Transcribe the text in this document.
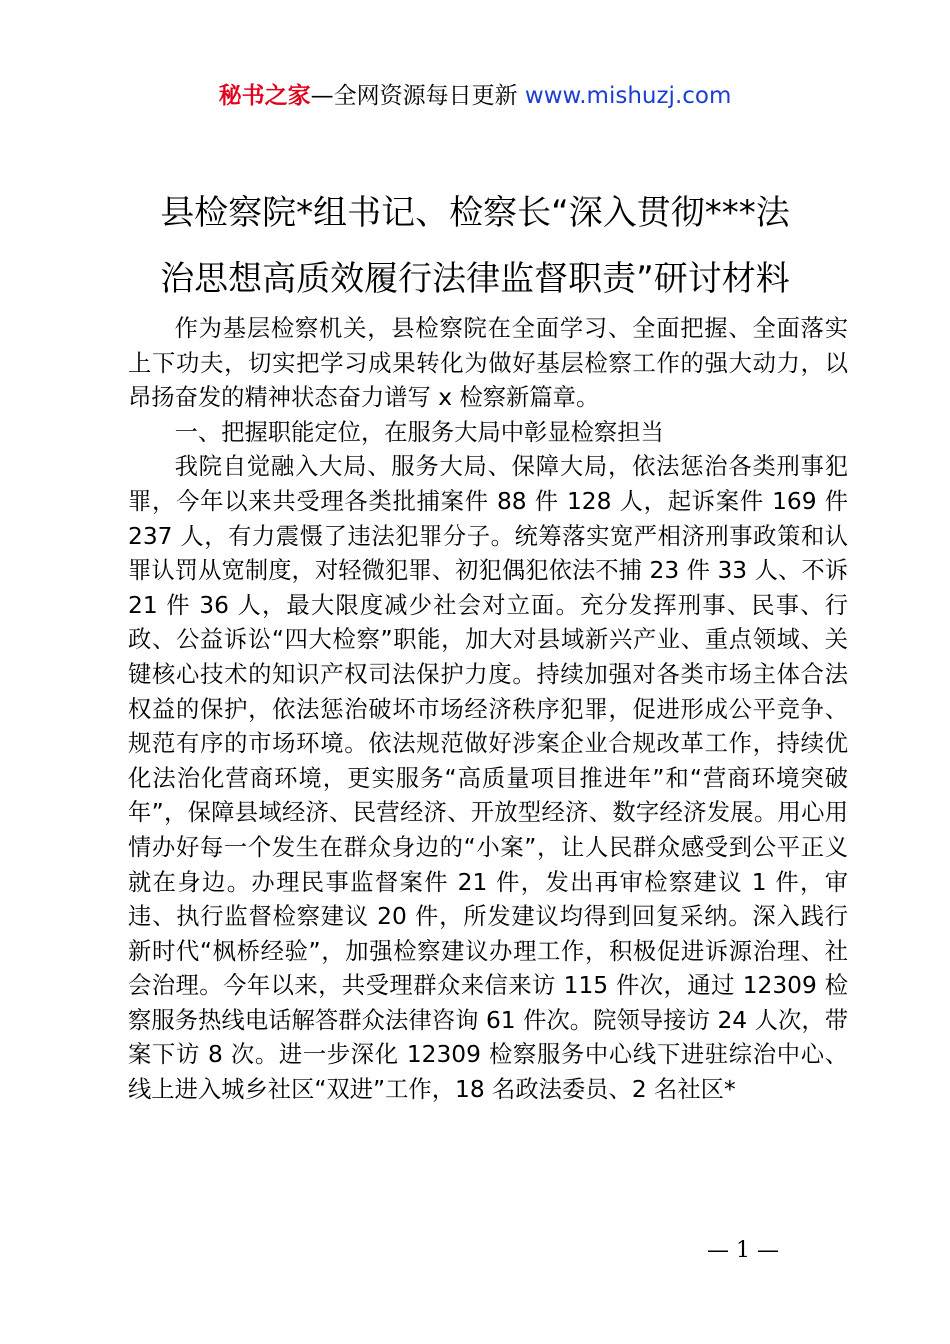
秘书之家—全网资源每日更新 www.mishuzj.com
县检察院*组书记、检察长“深入贯彻***法
治思想高质效履行法律监督职责”研讨材料

作为基层检察机关，县检察院在全面学习、全面把握、全面落实上下功夫，切实把学习成果转化为做好基层检察工作的强大动力，以昂扬奋发的精神状态奋力谱写 x 检察新篇章。

一、把握职能定位，在服务大局中彰显检察担当

我院自觉融入大局、服务大局、保障大局，依法惩治各类刑事犯罪，今年以来共受理各类批捕案件 88 件 128 人，起诉案件 169 件 237 人，有力震慑了违法犯罪分子。统筹落实宽严相济刑事政策和认罪认罚从宽制度，对轻微犯罪、初犯偶犯依法不捕 23 件 33 人、不诉 21 件 36 人，最大限度减少社会对立面。充分发挥刑事、民事、行政、公益诉讼“四大检察”职能，加大对县域新兴产业、重点领域、关键核心技术的知识产权司法保护力度。持续加强对各类市场主体合法权益的保护，依法惩治破坏市场经济秩序犯罪，促进形成公平竞争、规范有序的市场环境。依法规范做好涉案企业合规改革工作，持续优化法治化营商环境，更实服务“高质量项目推进年”和“营商环境突破年”，保障县域经济、民营经济、开放型经济、数字经济发展。用心用情办好每一个发生在群众身边的“小案”，让人民群众感受到公平正义就在身边。办理民事监督案件 21 件，发出再审检察建议 1 件，审违、执行监督检察建议 20 件，所发建议均得到回复采纳。深入践行新时代“枫桥经验”，加强检察建议办理工作，积极促进诉源治理、社会治理。今年以来，共受理群众来信来访 115 件次，通过 12309 检察服务热线电话解答群众法律咨询 61 件次。院领导接访 24 人次，带案下访 8 次。进一步深化 12309 检察服务中心线下进驻综治中心、线上进入城乡社区“双进”工作，18 名政法委员、2 名社区*

— 1 —
